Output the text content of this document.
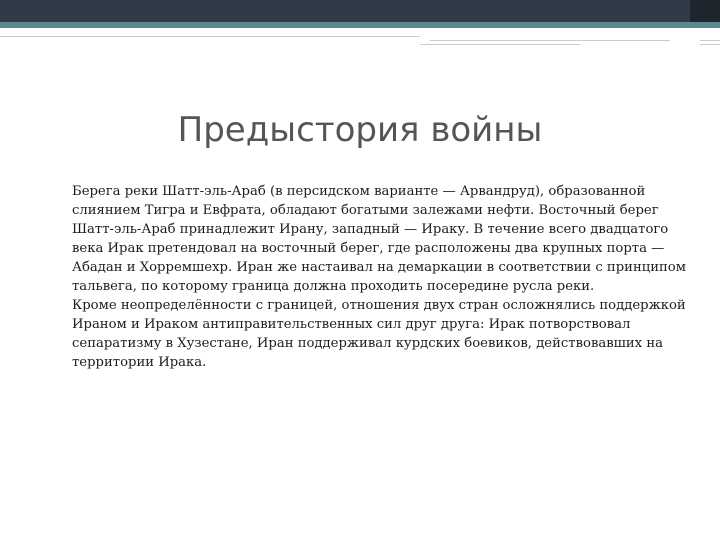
Предыстория войны

Берега реки Шатт-эль-Араб (в персидском варианте — Арвандруд), образованной слиянием Тигра и Евфрата, обладают богатыми залежами нефти. Восточный берег Шатт-эль-Араб принадлежит Ирану, западный — Ираку. В течение всего двадцатого века Ирак претендовал на восточный берег, где расположены два крупных порта — Абадан и Хорремшехр. Иран же настаивал на демаркации в соответствии с принципом тальвега, по которому граница должна проходить посередине русла реки.

Кроме неопределённости с границей, отношения двух стран осложнялись поддержкой Ираном и Ираком антиправительственных сил друг друга: Ирак потворствовал сепаратизму в Хузестане, Иран поддерживал курдских боевиков, действовавших на территории Ирака.
